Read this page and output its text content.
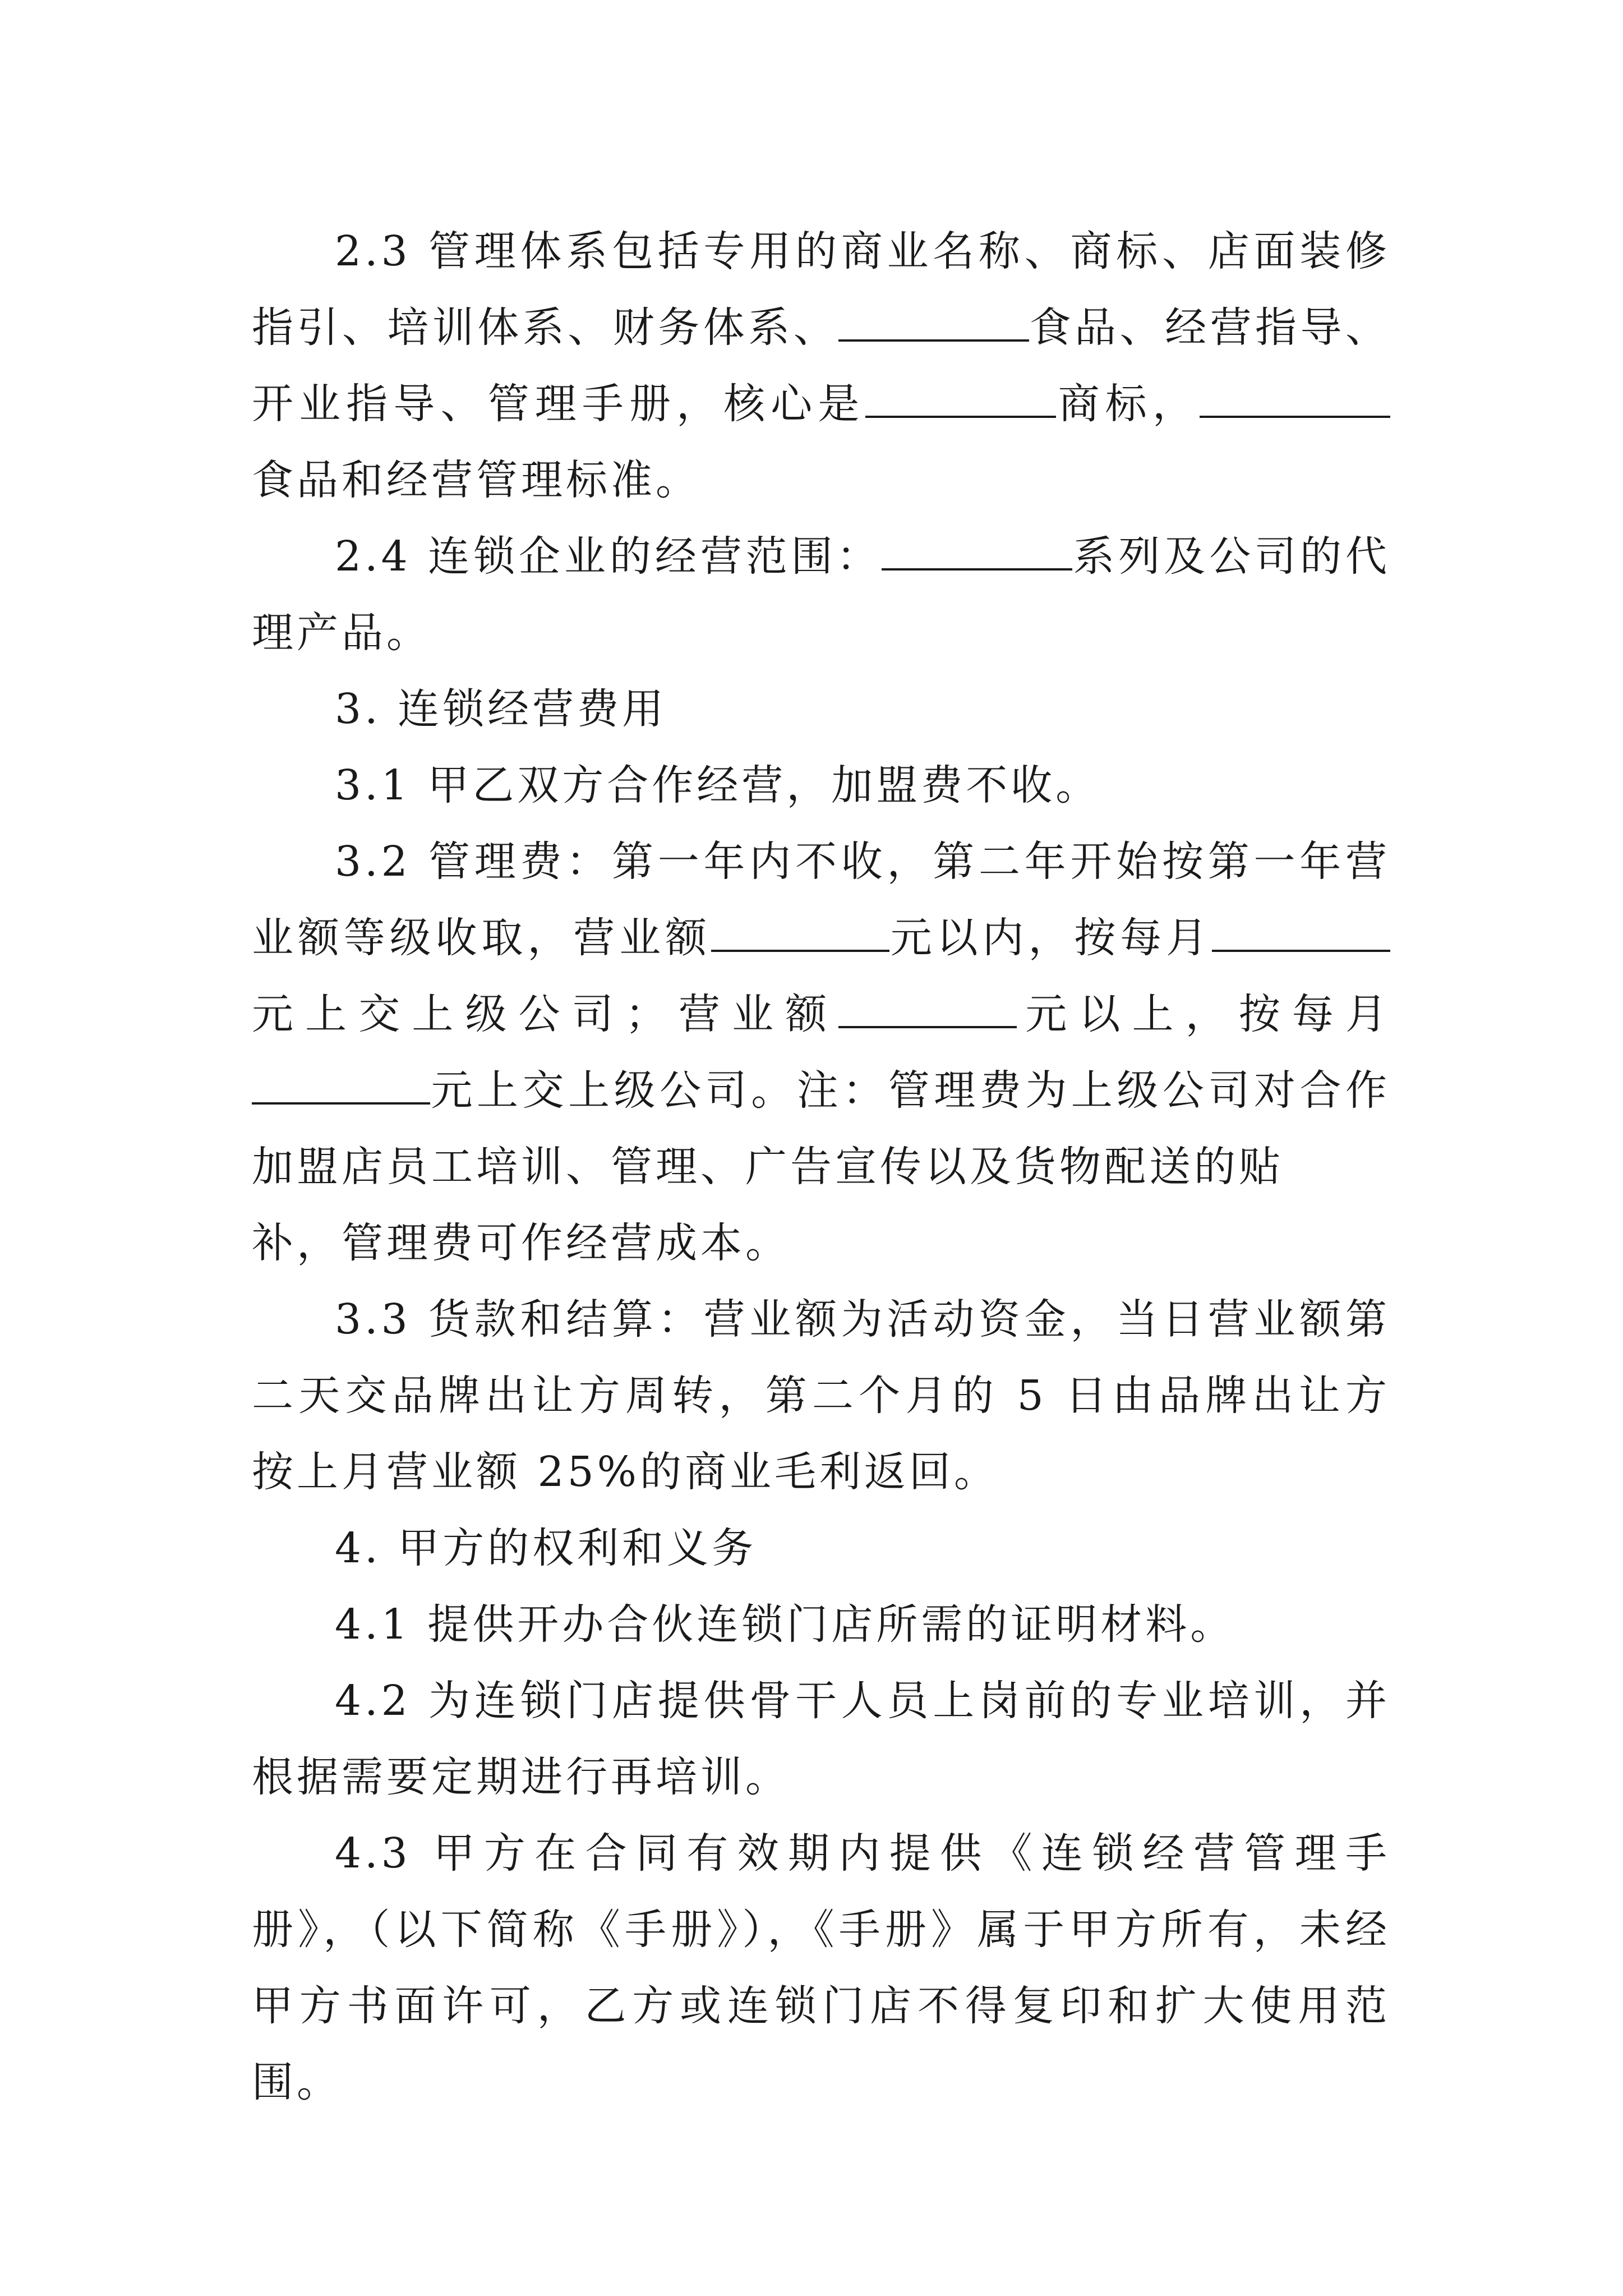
2.3 管理体系包括专用的商业名称、商标、店面装修指引、培训体系、财务体系、	食品、经营指导、开业指导、管理手册，核心是	商标，食品和经营管理标准。

2.4 连锁企业的经营范围：	系列及公司的代理产品。

3. 连锁经营费用

3.1 甲乙双方合作经营，加盟费不收。

3.2 管理费：第一年内不收，第二年开始按第一年营业额等级收取，营业额	元以内，按每月元上交上级公司；营业额	元以上，按每月元上交上级公司。注：管理费为上级公司对合作加盟店员工培训、管理、广告宣传以及货物配送的贴

补，管理费可作经营成本。

3.3 货款和结算：营业额为活动资金，当日营业额第二天交品牌出让方周转，第二个月的 5 日由品牌出让方按上月营业额 25%的商业毛利返回。

4. 甲方的权利和义务

4.1 提供开办合伙连锁门店所需的证明材料。

4.2 为连锁门店提供骨干人员上岗前的专业培训，并根据需要定期进行再培训。

4.3 甲方在合同有效期内提供《连锁经营管理手册》，（以下简称《手册》），《手册》属于甲方所有，未经甲方书面许可，乙方或连锁门店不得复印和扩大使用范围。
